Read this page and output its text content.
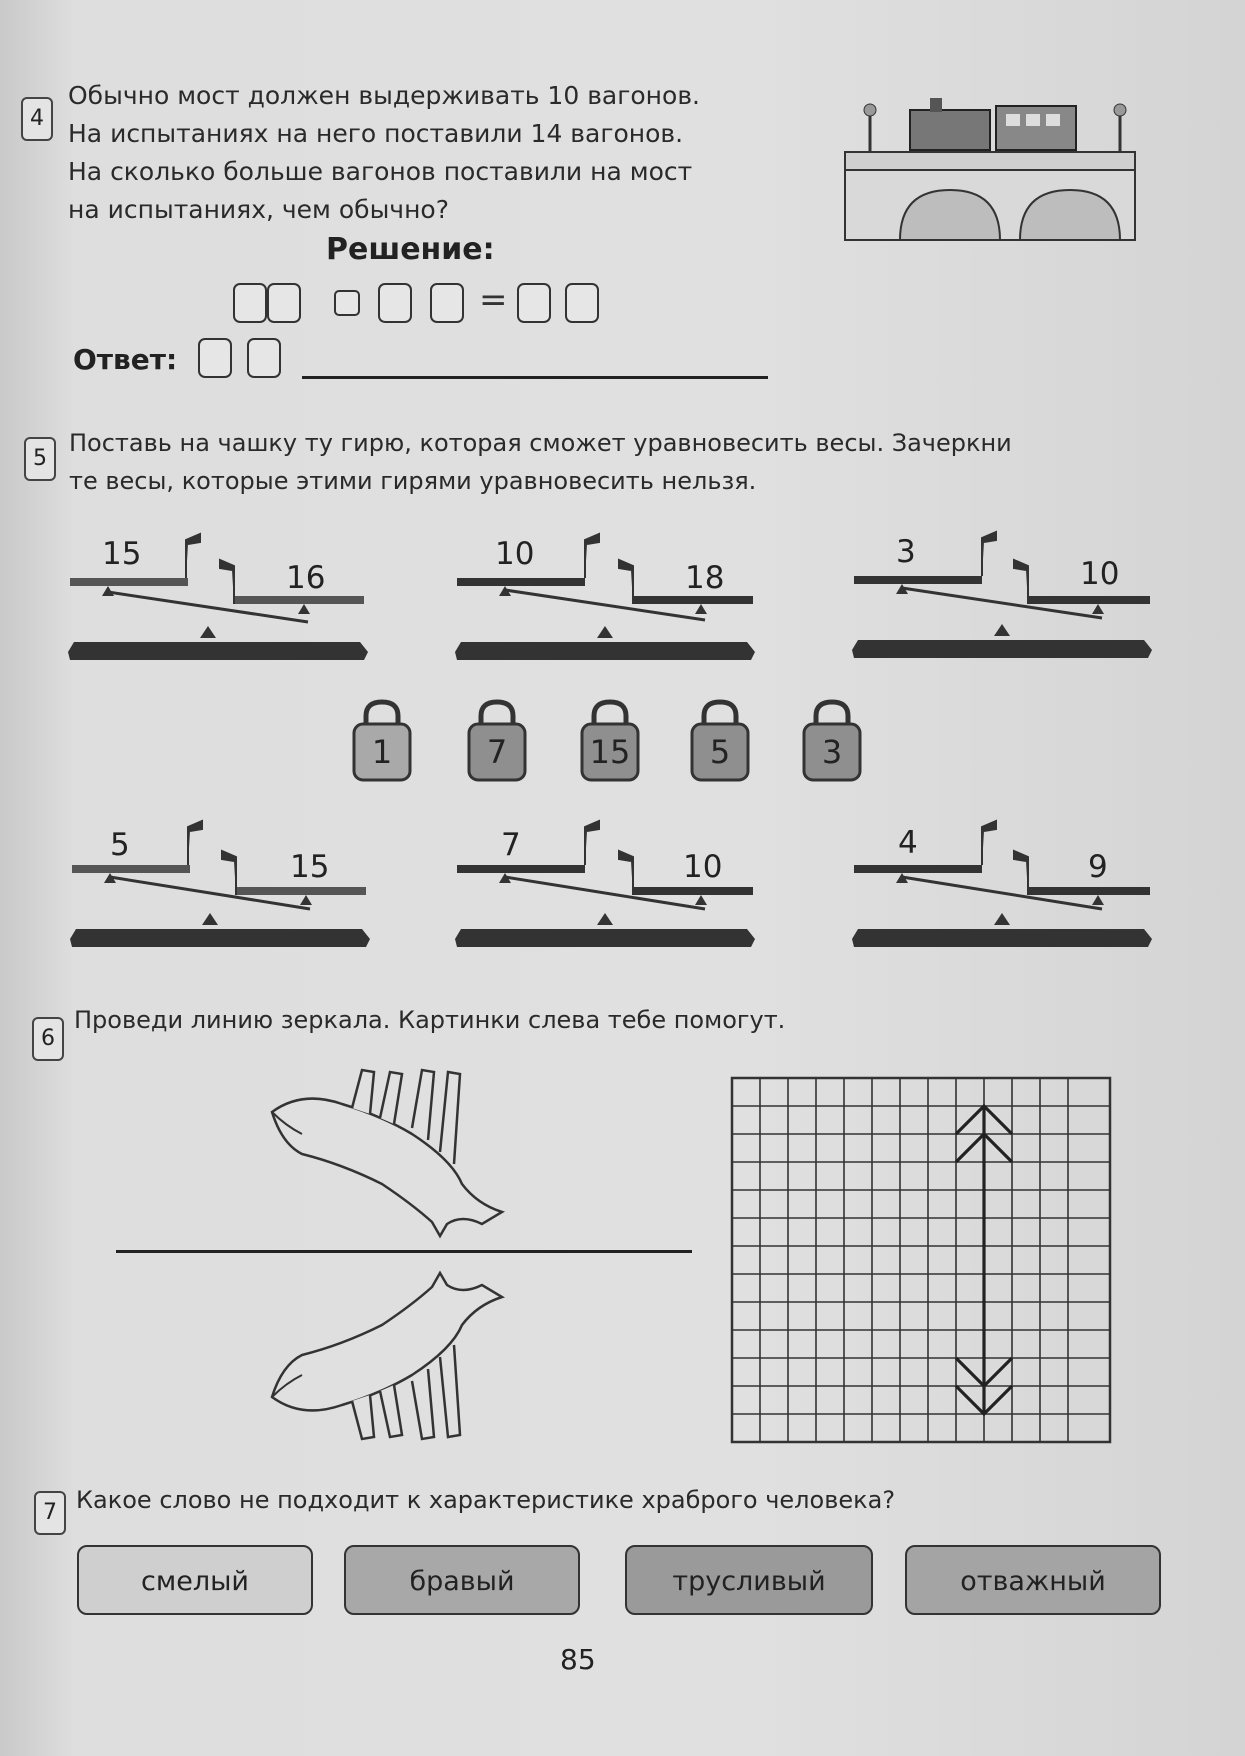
4
Обычно мост должен выдерживать 10 вагонов.
На испытаниях на него поставили 14 вагонов.
На сколько больше вагонов поставили на мост
на испытаниях, чем обычно?
Решение:
=
Ответ:
5
Поставь на чашку ту гирю, которая сможет уравновесить весы. Зачеркни
те весы, которые этими гирями уравновесить нельзя.
15
16
10
18
3
10
1	7	15	5	3
5
15
7
10
4
9
6
Проведи линию зеркала. Картинки слева тебе помогут.
7 Какое слово не подходит к характеристике храброго человека?
смелый	бравый	трусливый	отважный
85
